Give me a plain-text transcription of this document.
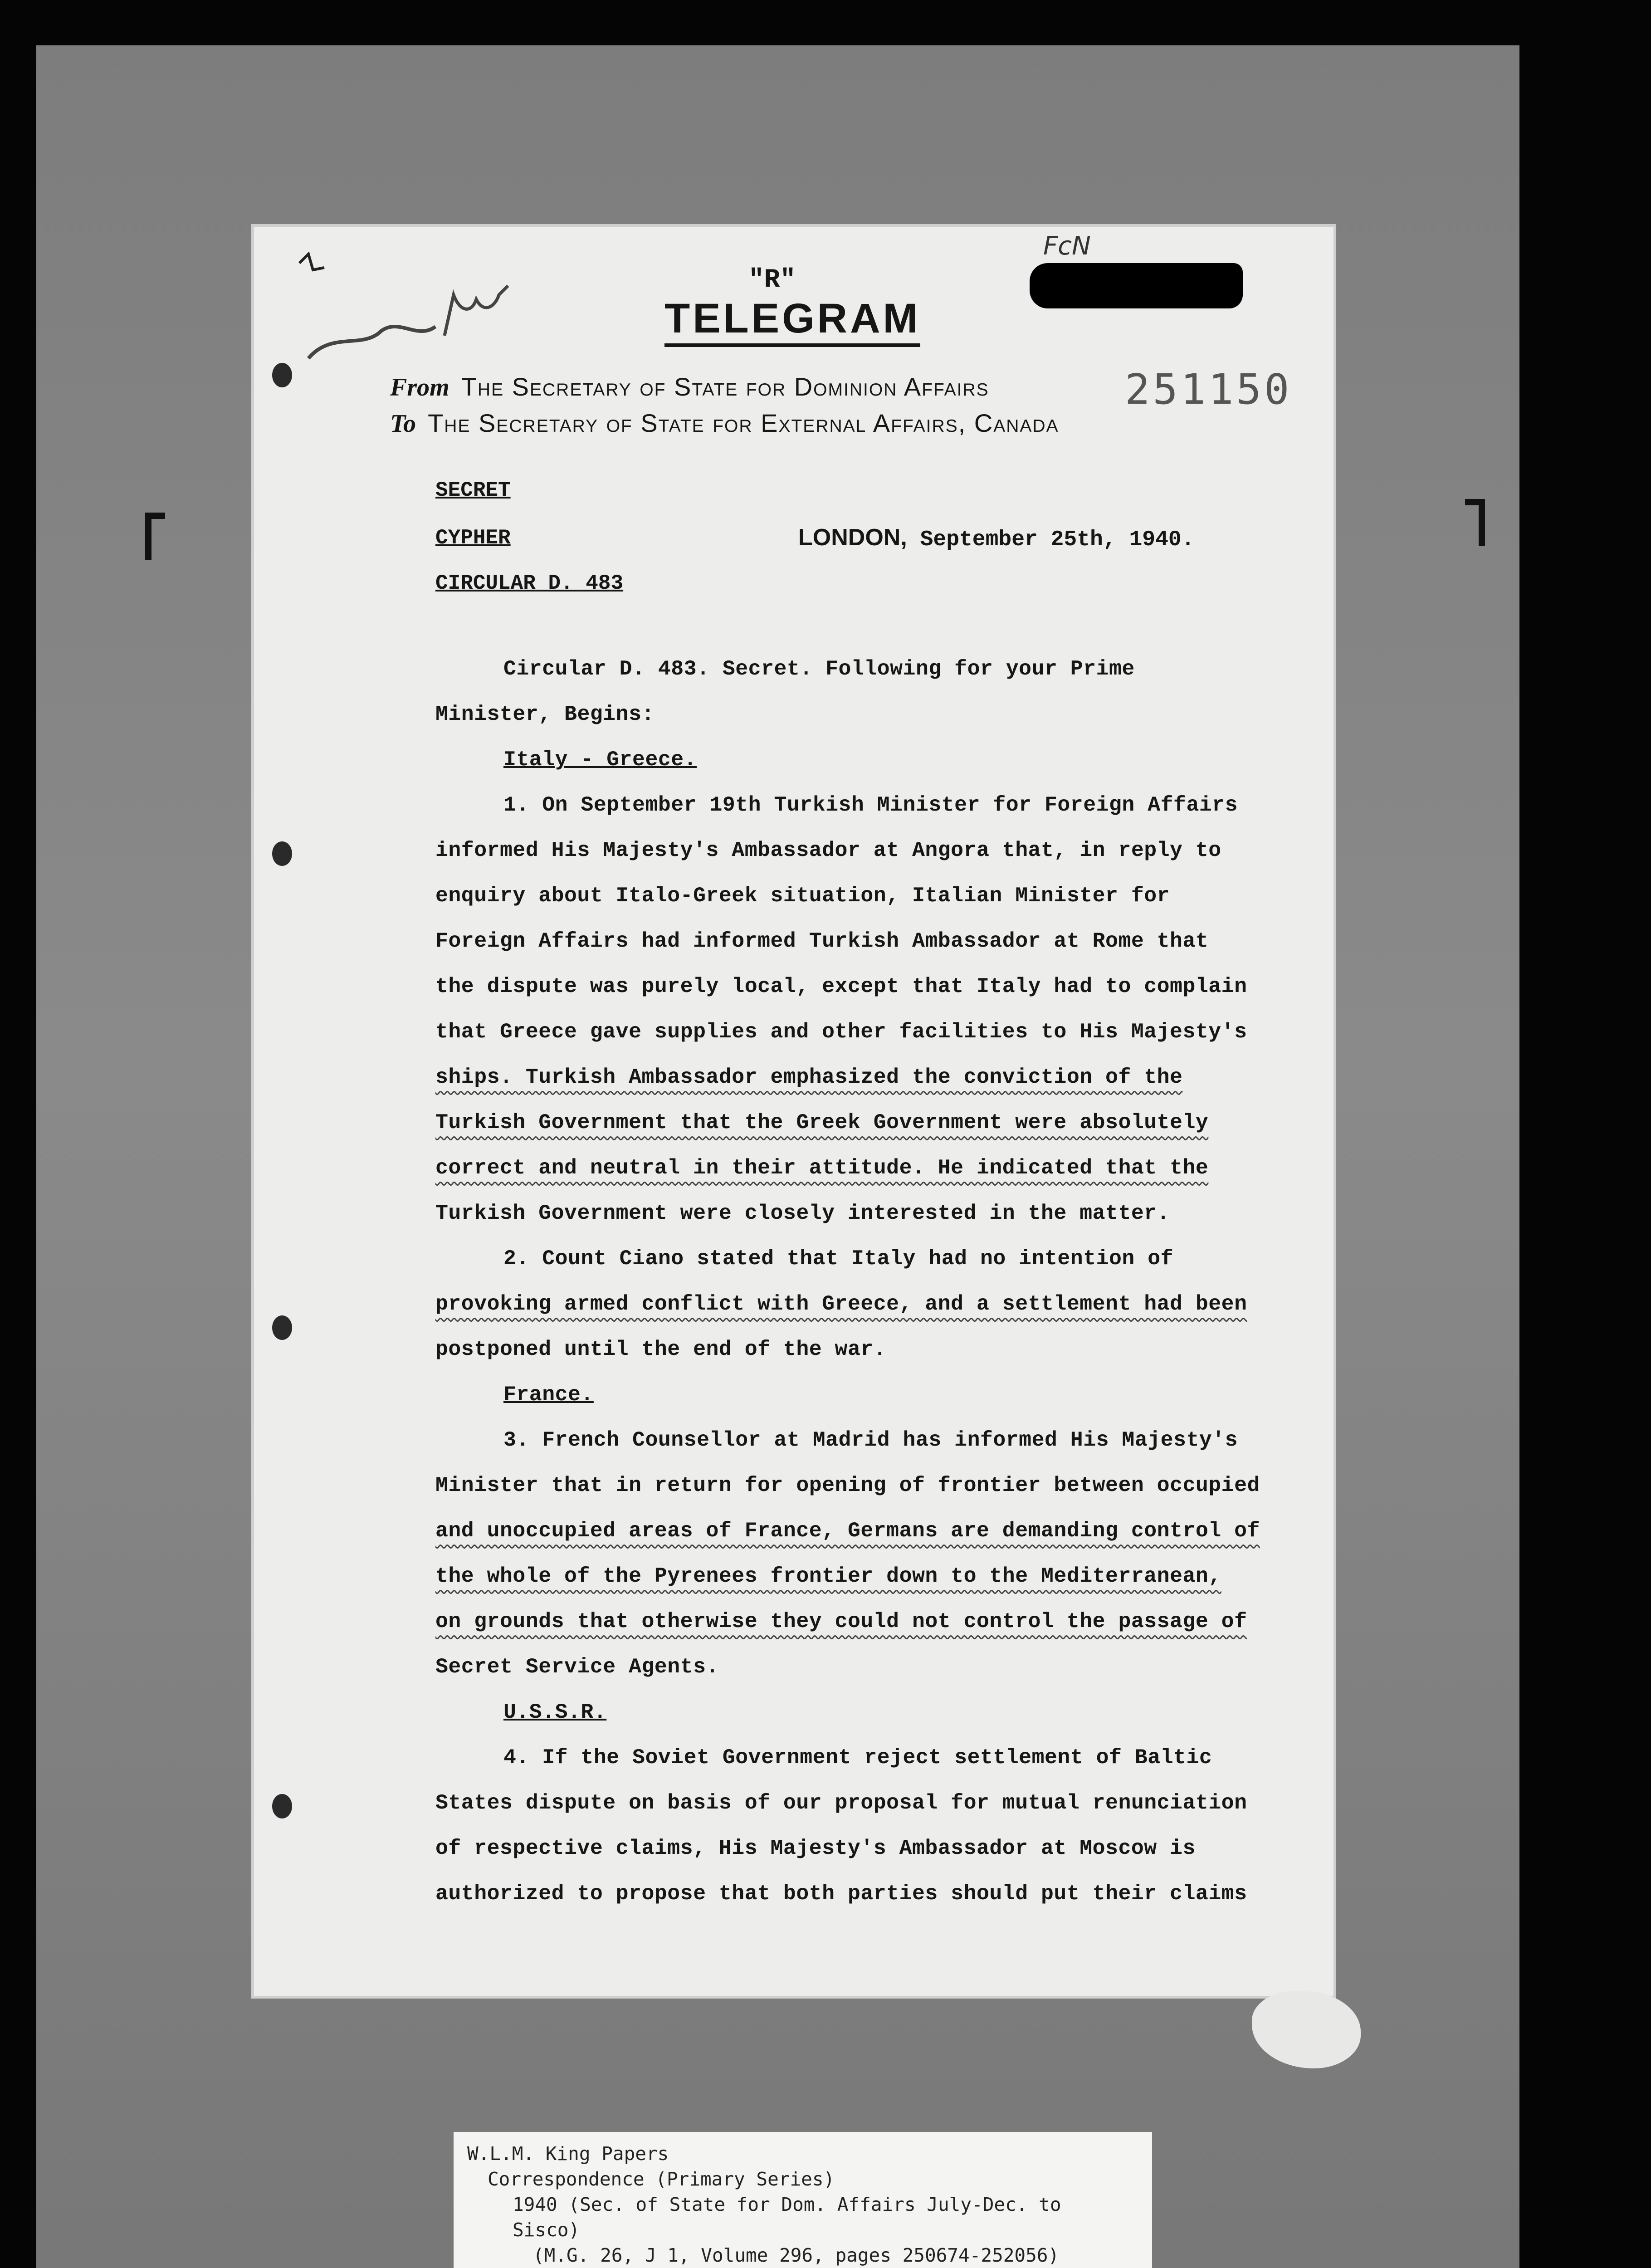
FcN
251150
"R"
TELEGRAM
From The Secretary of State for Dominion Affairs
To The Secretary of State for External Affairs, Canada
SECRET
CYPHER
CIRCULAR D. 483
LONDON, September 25th, 1940.
Circular D. 483. Secret. Following for your Prime
Minister, Begins:
Italy - Greece.
1. On September 19th Turkish Minister for Foreign Affairs
informed His Majesty's Ambassador at Angora that, in reply to
enquiry about Italo-Greek situation, Italian Minister for
Foreign Affairs had informed Turkish Ambassador at Rome that
the dispute was purely local, except that Italy had to complain
that Greece gave supplies and other facilities to His Majesty's
ships. Turkish Ambassador emphasized the conviction of the
Turkish Government that the Greek Government were absolutely
correct and neutral in their attitude. He indicated that the
Turkish Government were closely interested in the matter.
2. Count Ciano stated that Italy had no intention of
provoking armed conflict with Greece, and a settlement had been
postponed until the end of the war.
France.
3. French Counsellor at Madrid has informed His Majesty's
Minister that in return for opening of frontier between occupied
and unoccupied areas of France, Germans are demanding control of
the whole of the Pyrenees frontier down to the Mediterranean,
on grounds that otherwise they could not control the passage of
Secret Service Agents.
U.S.S.R.
4. If the Soviet Government reject settlement of Baltic
States dispute on basis of our proposal for mutual renunciation
of respective claims, His Majesty's Ambassador at Moscow is
authorized to propose that both parties should put their claims
W.L.M. King Papers
Correspondence (Primary Series)
1940 (Sec. of State for Dom. Affairs July-Dec. to
Sisco)
(M.G. 26, J 1, Volume 296, pages 250674-252056)
